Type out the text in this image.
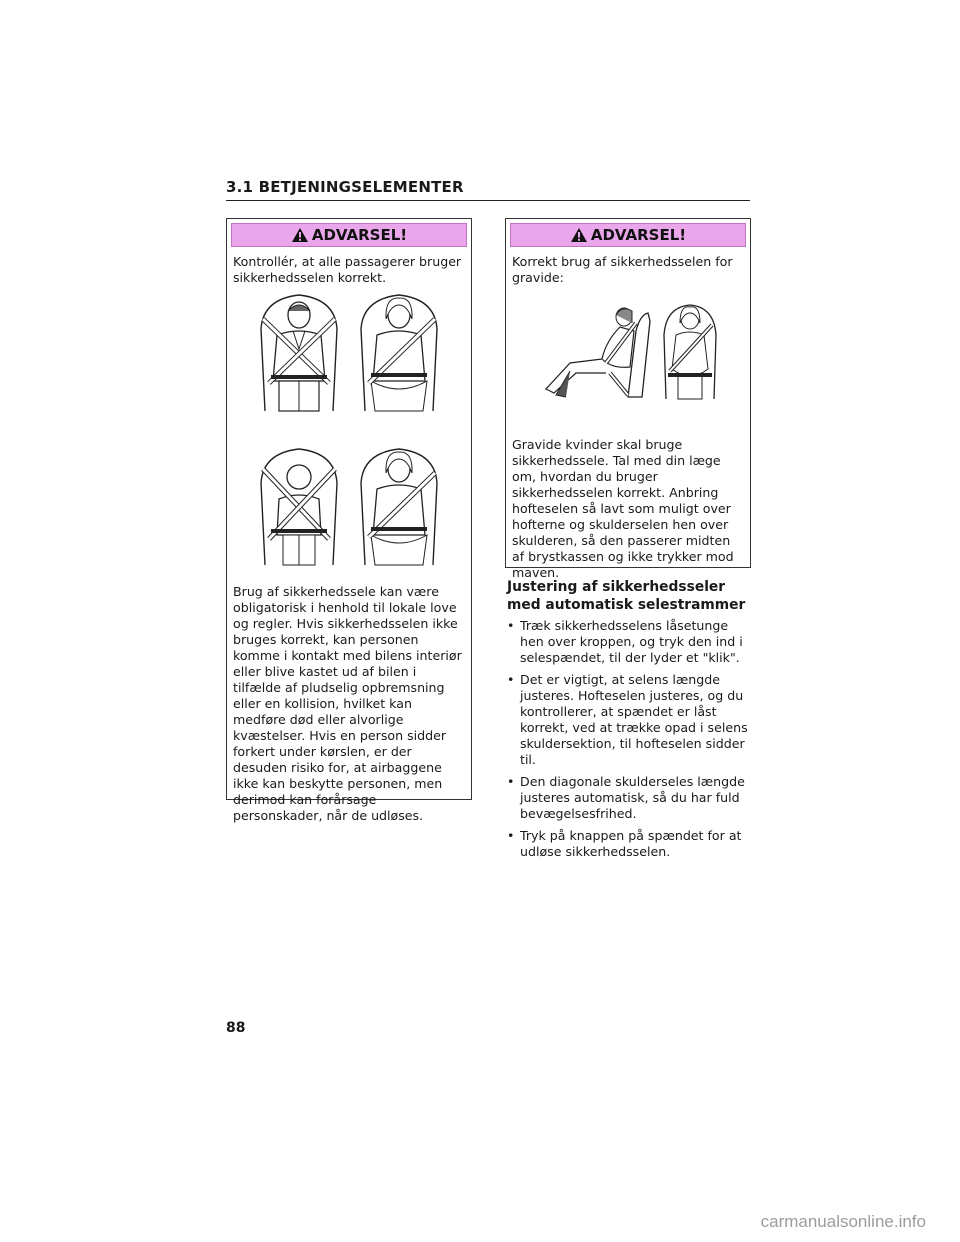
3.1 BETJENINGSELEMENTER
ADVARSEL!

Kontrollér, at alle passagerer bruger sikkerhedsselen korrekt.

Brug af sikkerhedssele kan være obligatorisk i henhold til lokale love og regler. Hvis sikkerhedsselen ikke bruges korrekt, kan personen komme i kontakt med bilens interiør eller blive kastet ud af bilen i tilfælde af pludselig opbremsning eller en kollision, hvilket kan medføre død eller alvorlige kvæstelser. Hvis en person sidder forkert under kørslen, er der desuden risiko for, at airbaggene ikke kan beskytte personen, men derimod kan forårsage personskader, når de udløses.

ADVARSEL!

Korrekt brug af sikkerhedsselen for gravide:

Gravide kvinder skal bruge sikkerhedssele. Tal med din læge om, hvordan du bruger sikkerhedsselen korrekt. Anbring hofteselen så lavt som muligt over hofterne og skulderselen hen over skulderen, så den passerer midten af brystkassen og ikke trykker mod maven.

Justering af sikkerhedsseler med automatisk selestrammer
• Træk sikkerhedsselens låsetunge hen over kroppen, og tryk den ind i selespændet, til der lyder et "klik".
• Det er vigtigt, at selens længde justeres. Hofteselen justeres, og du kontrollerer, at spændet er låst korrekt, ved at trække opad i selens skuldersektion, til hofteselen sidder til.
• Den diagonale skulderseles længde justeres automatisk, så du har fuld bevægelsesfrihed.
• Tryk på knappen på spændet for at udløse sikkerhedsselen.
88
carmanualsonline.info
